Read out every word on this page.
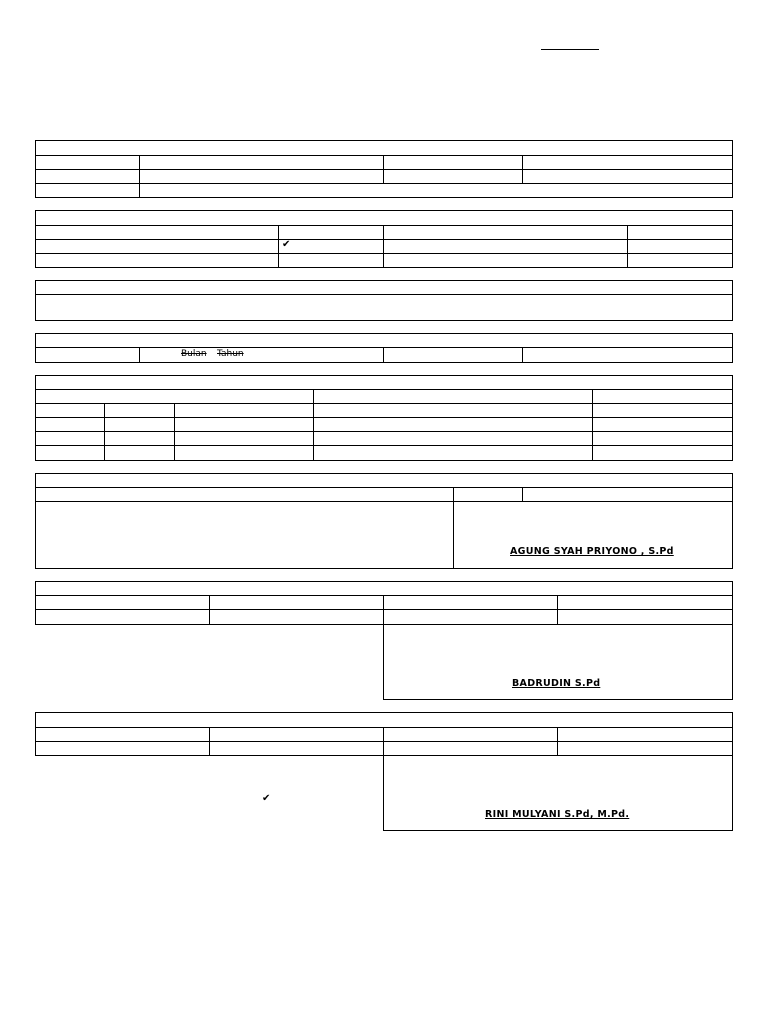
✔
Bulan Tahun
AGUNG SYAH PRIYONO , S.Pd
BADRUDIN S.Pd
✔
RINI MULYANI S.Pd, M.Pd.
